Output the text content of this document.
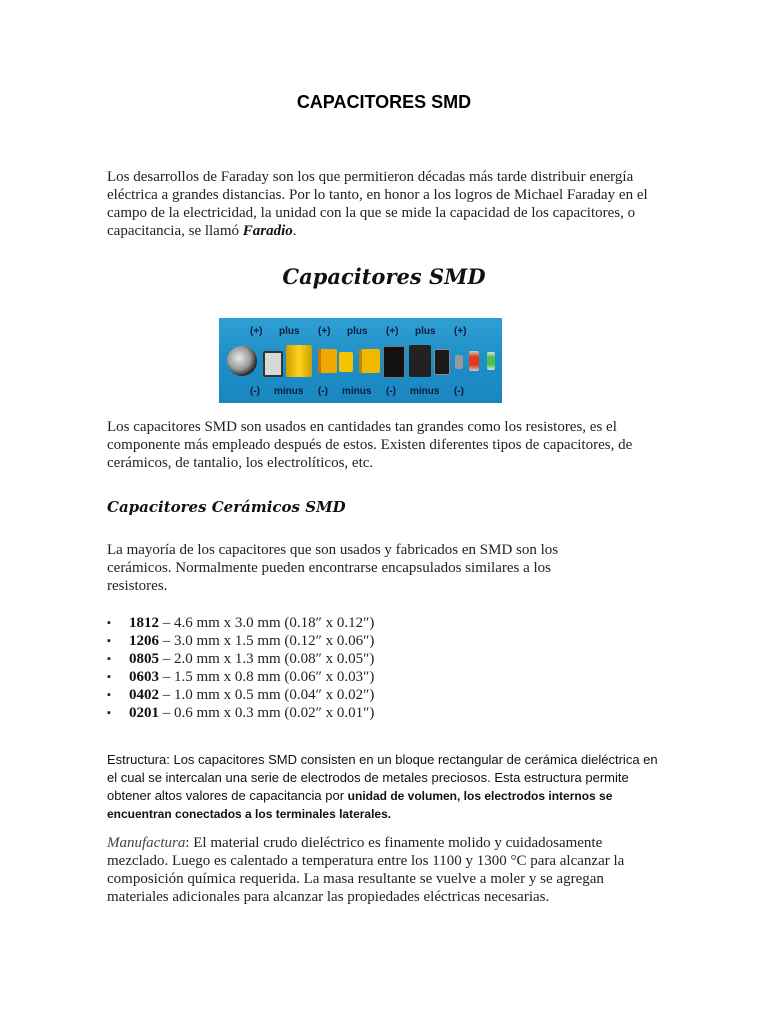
CAPACITORES SMD

Los desarrollos de Faraday son los que permitieron décadas más tarde distribuir energía eléctrica a grandes distancias. Por lo tanto, en honor a los logros de Michael Faraday en el campo de la electricidad, la unidad con la que se mide la capacidad de los capacitores, o capacitancia, se llamó Faradio.

Capacitores SMD
(+) plus (+) plus (+) plus (+)
(-) minus (-) minus (-) minus (-)

Los capacitores SMD son usados en cantidades tan grandes como los resistores, es el componente más empleado después de estos. Existen diferentes tipos de capacitores, de cerámicos, de tantalio, los electrolíticos, etc.

Capacitores Cerámicos SMD

La mayoría de los capacitores que son usados y fabricados en SMD son los cerámicos. Normalmente pueden encontrarse encapsulados similares a los resistores.

▪ 1812 – 4.6 mm x 3.0 mm (0.18″ x 0.12″)
▪ 1206 – 3.0 mm x 1.5 mm (0.12″ x 0.06″)
▪ 0805 – 2.0 mm x 1.3 mm (0.08″ x 0.05″)
▪ 0603 – 1.5 mm x 0.8 mm (0.06″ x 0.03″)
▪ 0402 – 1.0 mm x 0.5 mm (0.04″ x 0.02″)
▪ 0201 – 0.6 mm x 0.3 mm (0.02″ x 0.01″)

Estructura: Los capacitores SMD consisten en un bloque rectangular de cerámica dieléctrica en el cual se intercalan una serie de electrodos de metales preciosos. Esta estructura permite obtener altos valores de capacitancia por unidad de volumen, los electrodos internos se encuentran conectados a los terminales laterales.

Manufactura: El material crudo dieléctrico es finamente molido y cuidadosamente mezclado. Luego es calentado a temperatura entre los 1100 y 1300 °C para alcanzar la composición química requerida. La masa resultante se vuelve a moler y se agregan materiales adicionales para alcanzar las propiedades eléctricas necesarias.
